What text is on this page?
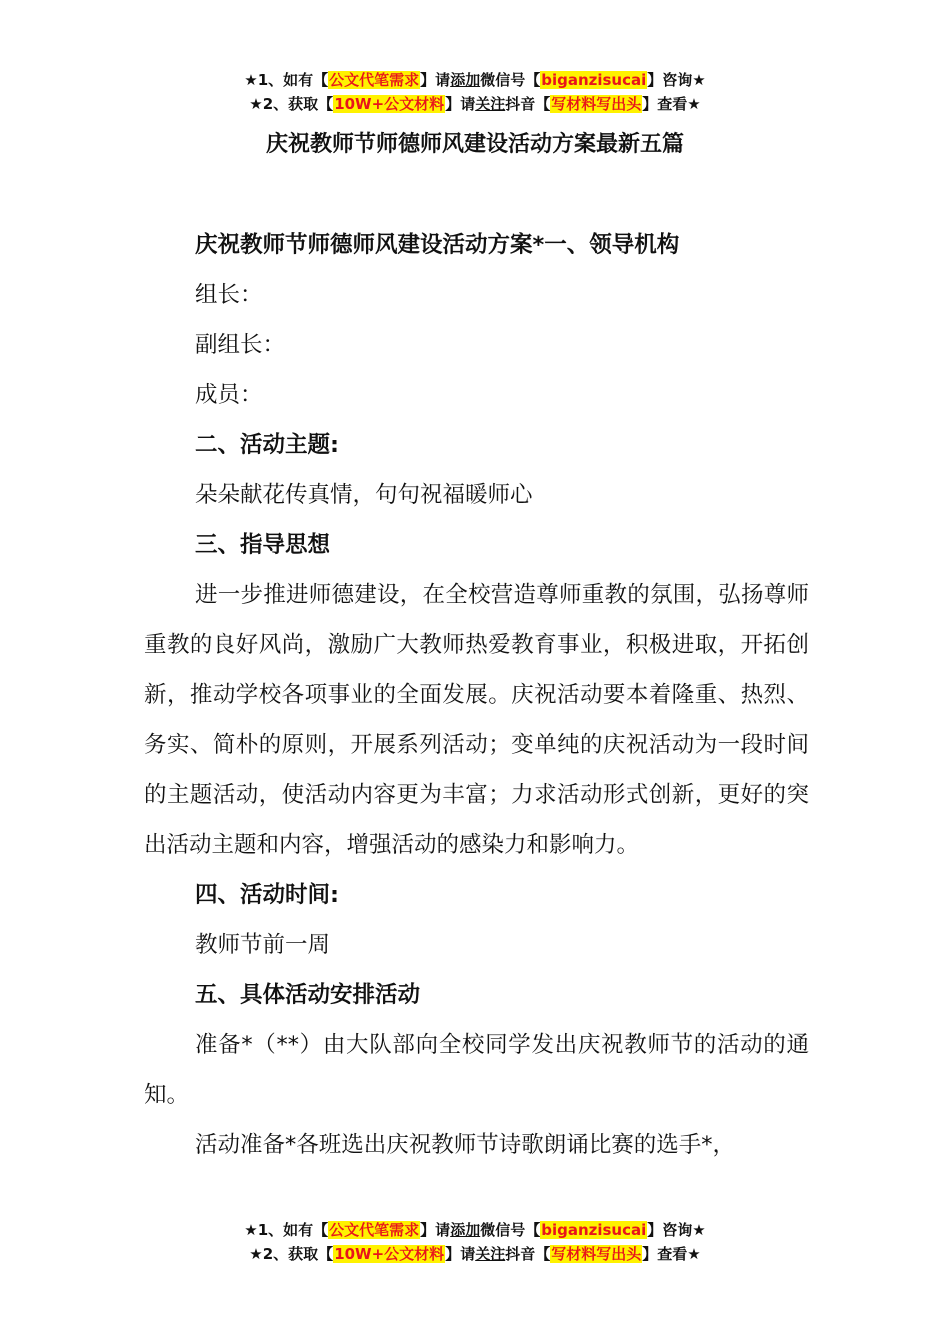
★1、如有【公文代笔需求】请添加微信号【biganzisucai】咨询★
★2、获取【10W+公文材料】请关注抖音【写材料写出头】查看★
庆祝教师节师德师风建设活动方案最新五篇

庆祝教师节师德师风建设活动方案*一、领导机构

组长：

副组长：

成员：

二、活动主题:

朵朵献花传真情，句句祝福暖师心

三、指导思想

进一步推进师德建设，在全校营造尊师重教的氛围，弘扬尊师重教的良好风尚，激励广大教师热爱教育事业，积极进取，开拓创新，推动学校各项事业的全面发展。庆祝活动要本着隆重、热烈、务实、简朴的原则，开展系列活动；变单纯的庆祝活动为一段时间的主题活动，使活动内容更为丰富；力求活动形式创新，更好的突出活动主题和内容，增强活动的感染力和影响力。

四、活动时间:

教师节前一周

五、具体活动安排活动

准备*（**）由大队部向全校同学发出庆祝教师节的活动的通知。

活动准备*各班选出庆祝教师节诗歌朗诵比赛的选手*，

★1、如有【公文代笔需求】请添加微信号【biganzisucai】咨询★
★2、获取【10W+公文材料】请关注抖音【写材料写出头】查看★
